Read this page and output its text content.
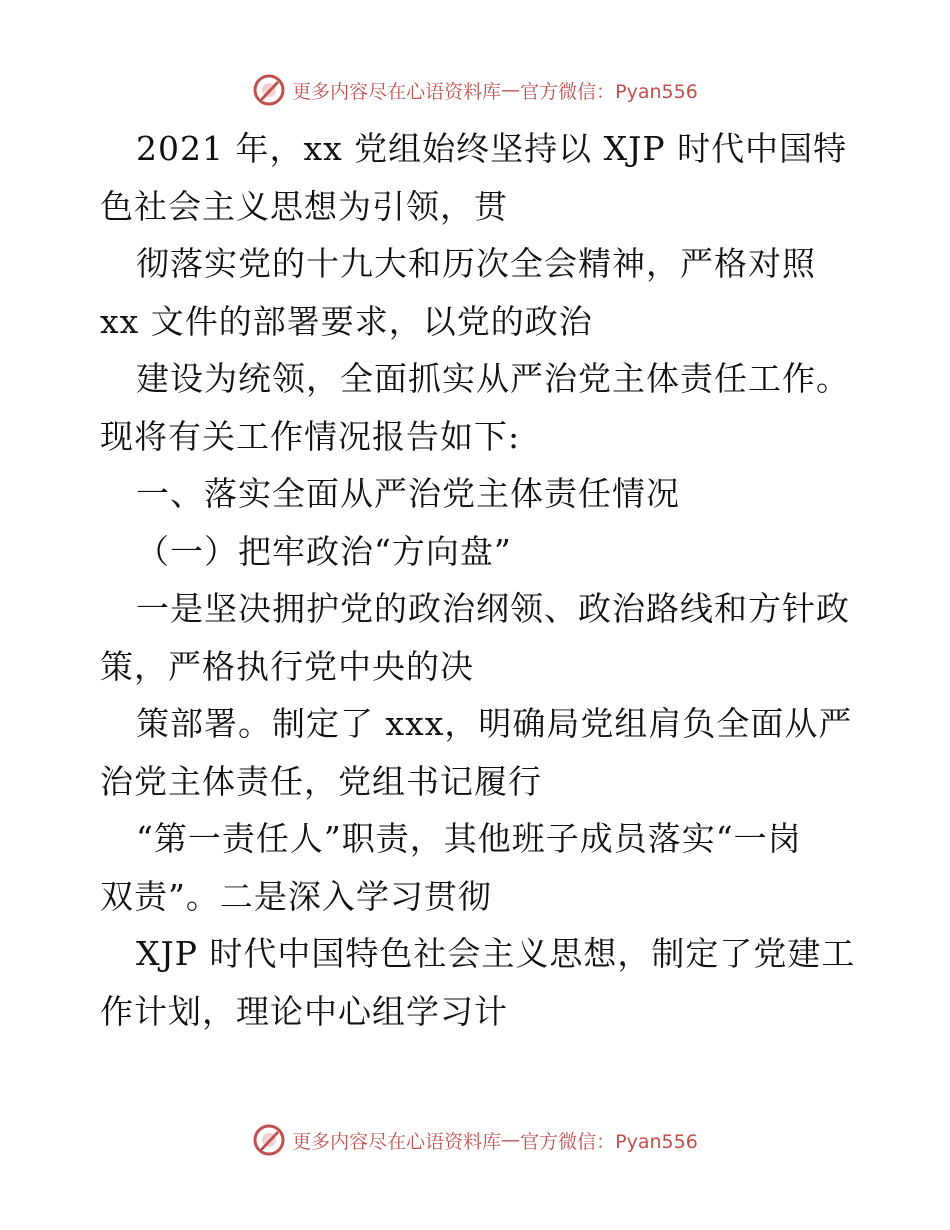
更多内容尽在心语资料库 — 官方微信：Pyan556
2021 年，xx 党组始终坚持以 XJP 时代中国特
色社会主义思想为引领，贯
彻落实党的十九大和历次全会精神，严格对照
xx 文件的部署要求，以党的政治
建设为统领，全面抓实从严治党主体责任工作。
现将有关工作情况报告如下:
一、落实全面从严治党主体责任情况
（一）把牢政治“方向盘”
一是坚决拥护党的政治纲领、政治路线和方针政
策，严格执行党中央的决
策部署。制定了 xxx，明确局党组肩负全面从严
治党主体责任，党组书记履行
“第一责任人”职责，其他班子成员落实“一岗
双责”。二是深入学习贯彻
XJP 时代中国特色社会主义思想，制定了党建工
作计划，理论中心组学习计
更多内容尽在心语资料库 — 官方微信：Pyan556
